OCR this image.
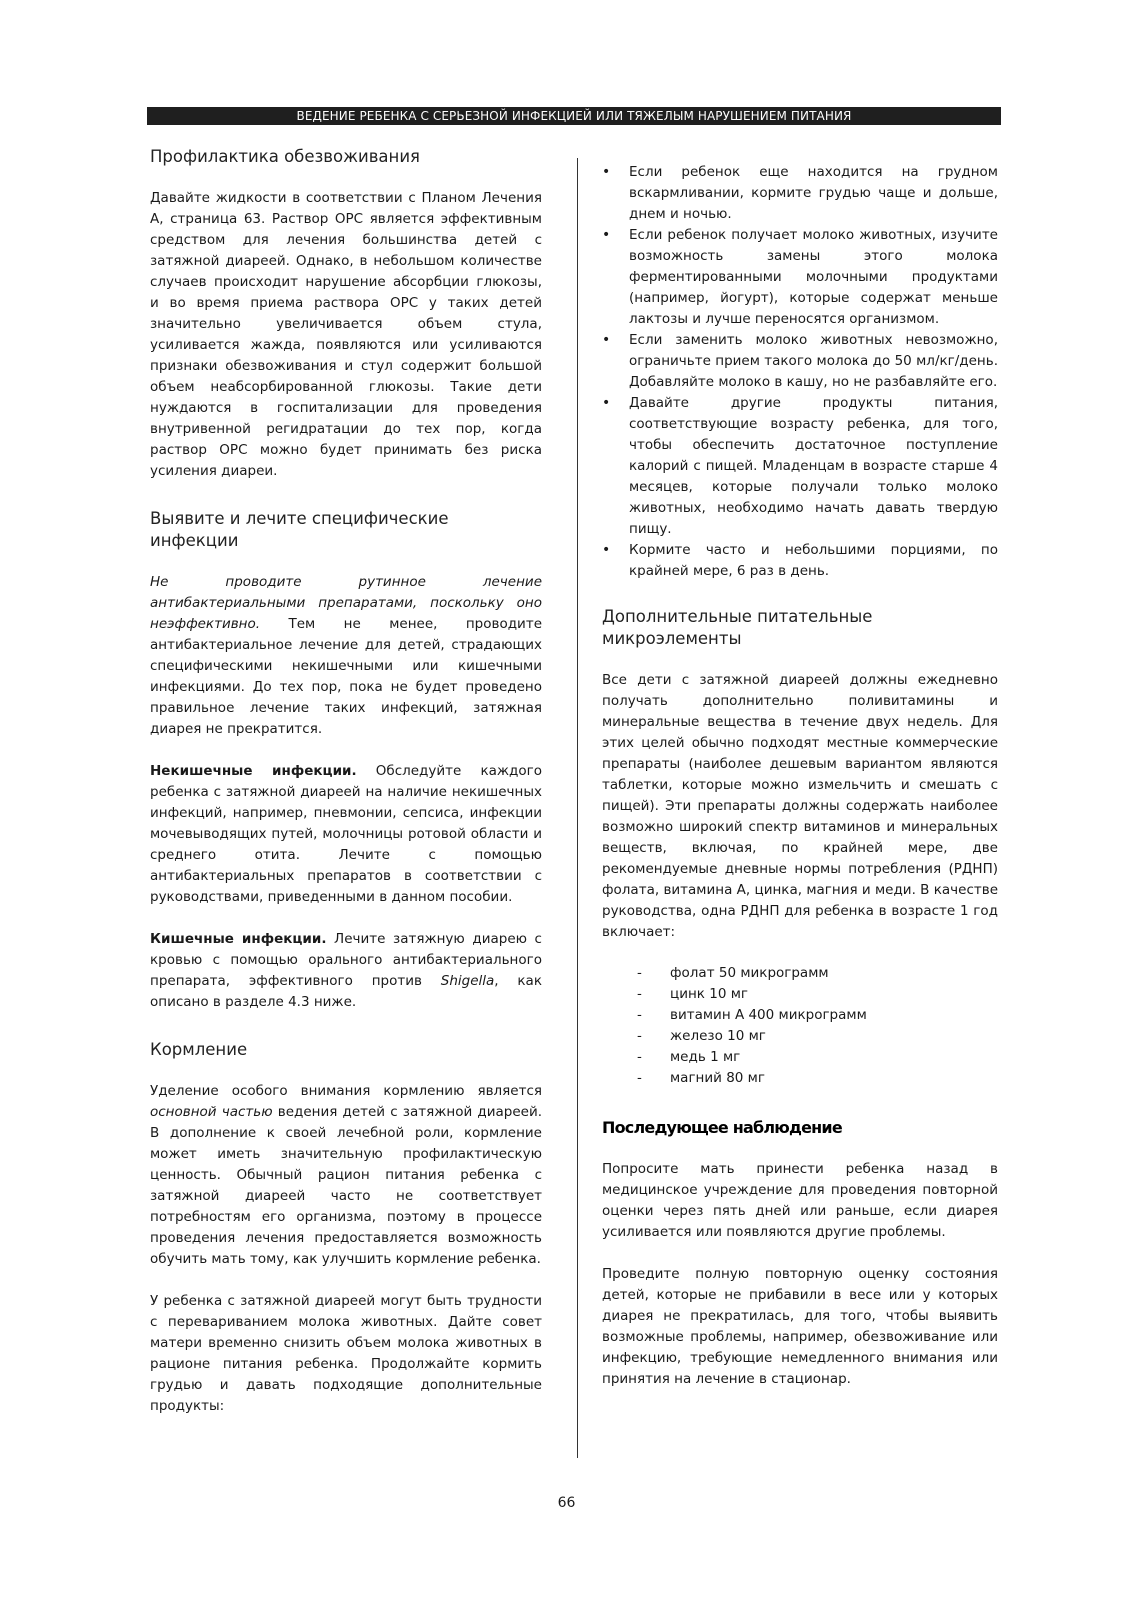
ВЕДЕНИЕ РЕБЕНКА С СЕРЬЕЗНОЙ ИНФЕКЦИЕЙ ИЛИ ТЯЖЕЛЫМ НАРУШЕНИЕМ ПИТАНИЯ
Профилактика обезвоживания

Давайте жидкости в соответствии с Планом Лечения А, страница 63. Раствор ОРС является эффективным средством для лечения большинства детей с затяжной диареей. Однако, в небольшом количестве случаев происходит нарушение абсорбции глюкозы, и во время приема раствора ОРС у таких детей значительно увеличивается объем стула, усиливается жажда, появляются или усиливаются признаки обезвоживания и стул содержит большой объем неабсорбированной глюкозы. Такие дети нуждаются в госпитализации для проведения внутривенной регидратации до тех пор, когда раствор ОРС можно будет принимать без риска усиления диареи.

Выявите и лечите специфические инфекции

Не проводите рутинное лечение антибактериальными препаратами, поскольку оно неэффективно. Тем не менее, проводите антибактериальное лечение для детей, страдающих специфическими некишечными или кишечными инфекциями. До тех пор, пока не будет проведено правильное лечение таких инфекций, затяжная диарея не прекратится.

Некишечные инфекции. Обследуйте каждого ребенка с затяжной диареей на наличие некишечных инфекций, например, пневмонии, сепсиса, инфекции мочевыводящих путей, молочницы ротовой области и среднего отита. Лечите с помощью антибактериальных препаратов в соответствии с руководствами, приведенными в данном пособии.

Кишечные инфекции. Лечите затяжную диарею с кровью с помощью орального антибактериального препарата, эффективного против Shigella, как описано в разделе 4.3 ниже.

Кормление

Уделение особого внимания кормлению является основной частью ведения детей с затяжной диареей. В дополнение к своей лечебной роли, кормление может иметь значительную профилактическую ценность. Обычный рацион питания ребенка с затяжной диареей часто не соответствует потребностям его организма, поэтому в процессе проведения лечения предоставляется возможность обучить мать тому, как улучшить кормление ребенка.

У ребенка с затяжной диареей могут быть трудности с перевариванием молока животных. Дайте совет матери временно снизить объем молока животных в рационе питания ребенка. Продолжайте кормить грудью и давать подходящие дополнительные продукты:

• Если ребенок еще находится на грудном вскармливании, кормите грудью чаще и дольше, днем и ночью.
• Если ребенок получает молоко животных, изучите возможность замены этого молока ферментированными молочными продуктами (например, йогурт), которые содержат меньше лактозы и лучше переносятся организмом.
• Если заменить молоко животных невозможно, ограничьте прием такого молока до 50 мл/кг/день. Добавляйте молоко в кашу, но не разбавляйте его.
• Давайте другие продукты питания, соответствующие возрасту ребенка, для того, чтобы обеспечить достаточное поступление калорий с пищей. Младенцам в возрасте старше 4 месяцев, которые получали только молоко животных, необходимо начать давать твердую пищу.
• Кормите часто и небольшими порциями, по крайней мере, 6 раз в день.
Дополнительные питательные микроэлементы

Все дети с затяжной диареей должны ежедневно получать дополнительно поливитамины и минеральные вещества в течение двух недель. Для этих целей обычно подходят местные коммерческие препараты (наиболее дешевым вариантом являются таблетки, которые можно измельчить и смешать с пищей). Эти препараты должны содержать наиболее возможно широкий спектр витаминов и минеральных веществ, включая, по крайней мере, две рекомендуемые дневные нормы потребления (РДНП) фолата, витамина А, цинка, магния и меди. В качестве руководства, одна РДНП для ребенка в возрасте 1 год включает:

- фолат 50 микрограмм
- цинк 10 мг
- витамин А 400 микрограмм
- железо 10 мг
- медь 1 мг
- магний 80 мг
Последующее наблюдение

Попросите мать принести ребенка назад в медицинское учреждение для проведения повторной оценки через пять дней или раньше, если диарея усиливается или появляются другие проблемы.

Проведите полную повторную оценку состояния детей, которые не прибавили в весе или у которых диарея не прекратилась, для того, чтобы выявить возможные проблемы, например, обезвоживание или инфекцию, требующие немедленного внимания или принятия на лечение в стационар.

66
